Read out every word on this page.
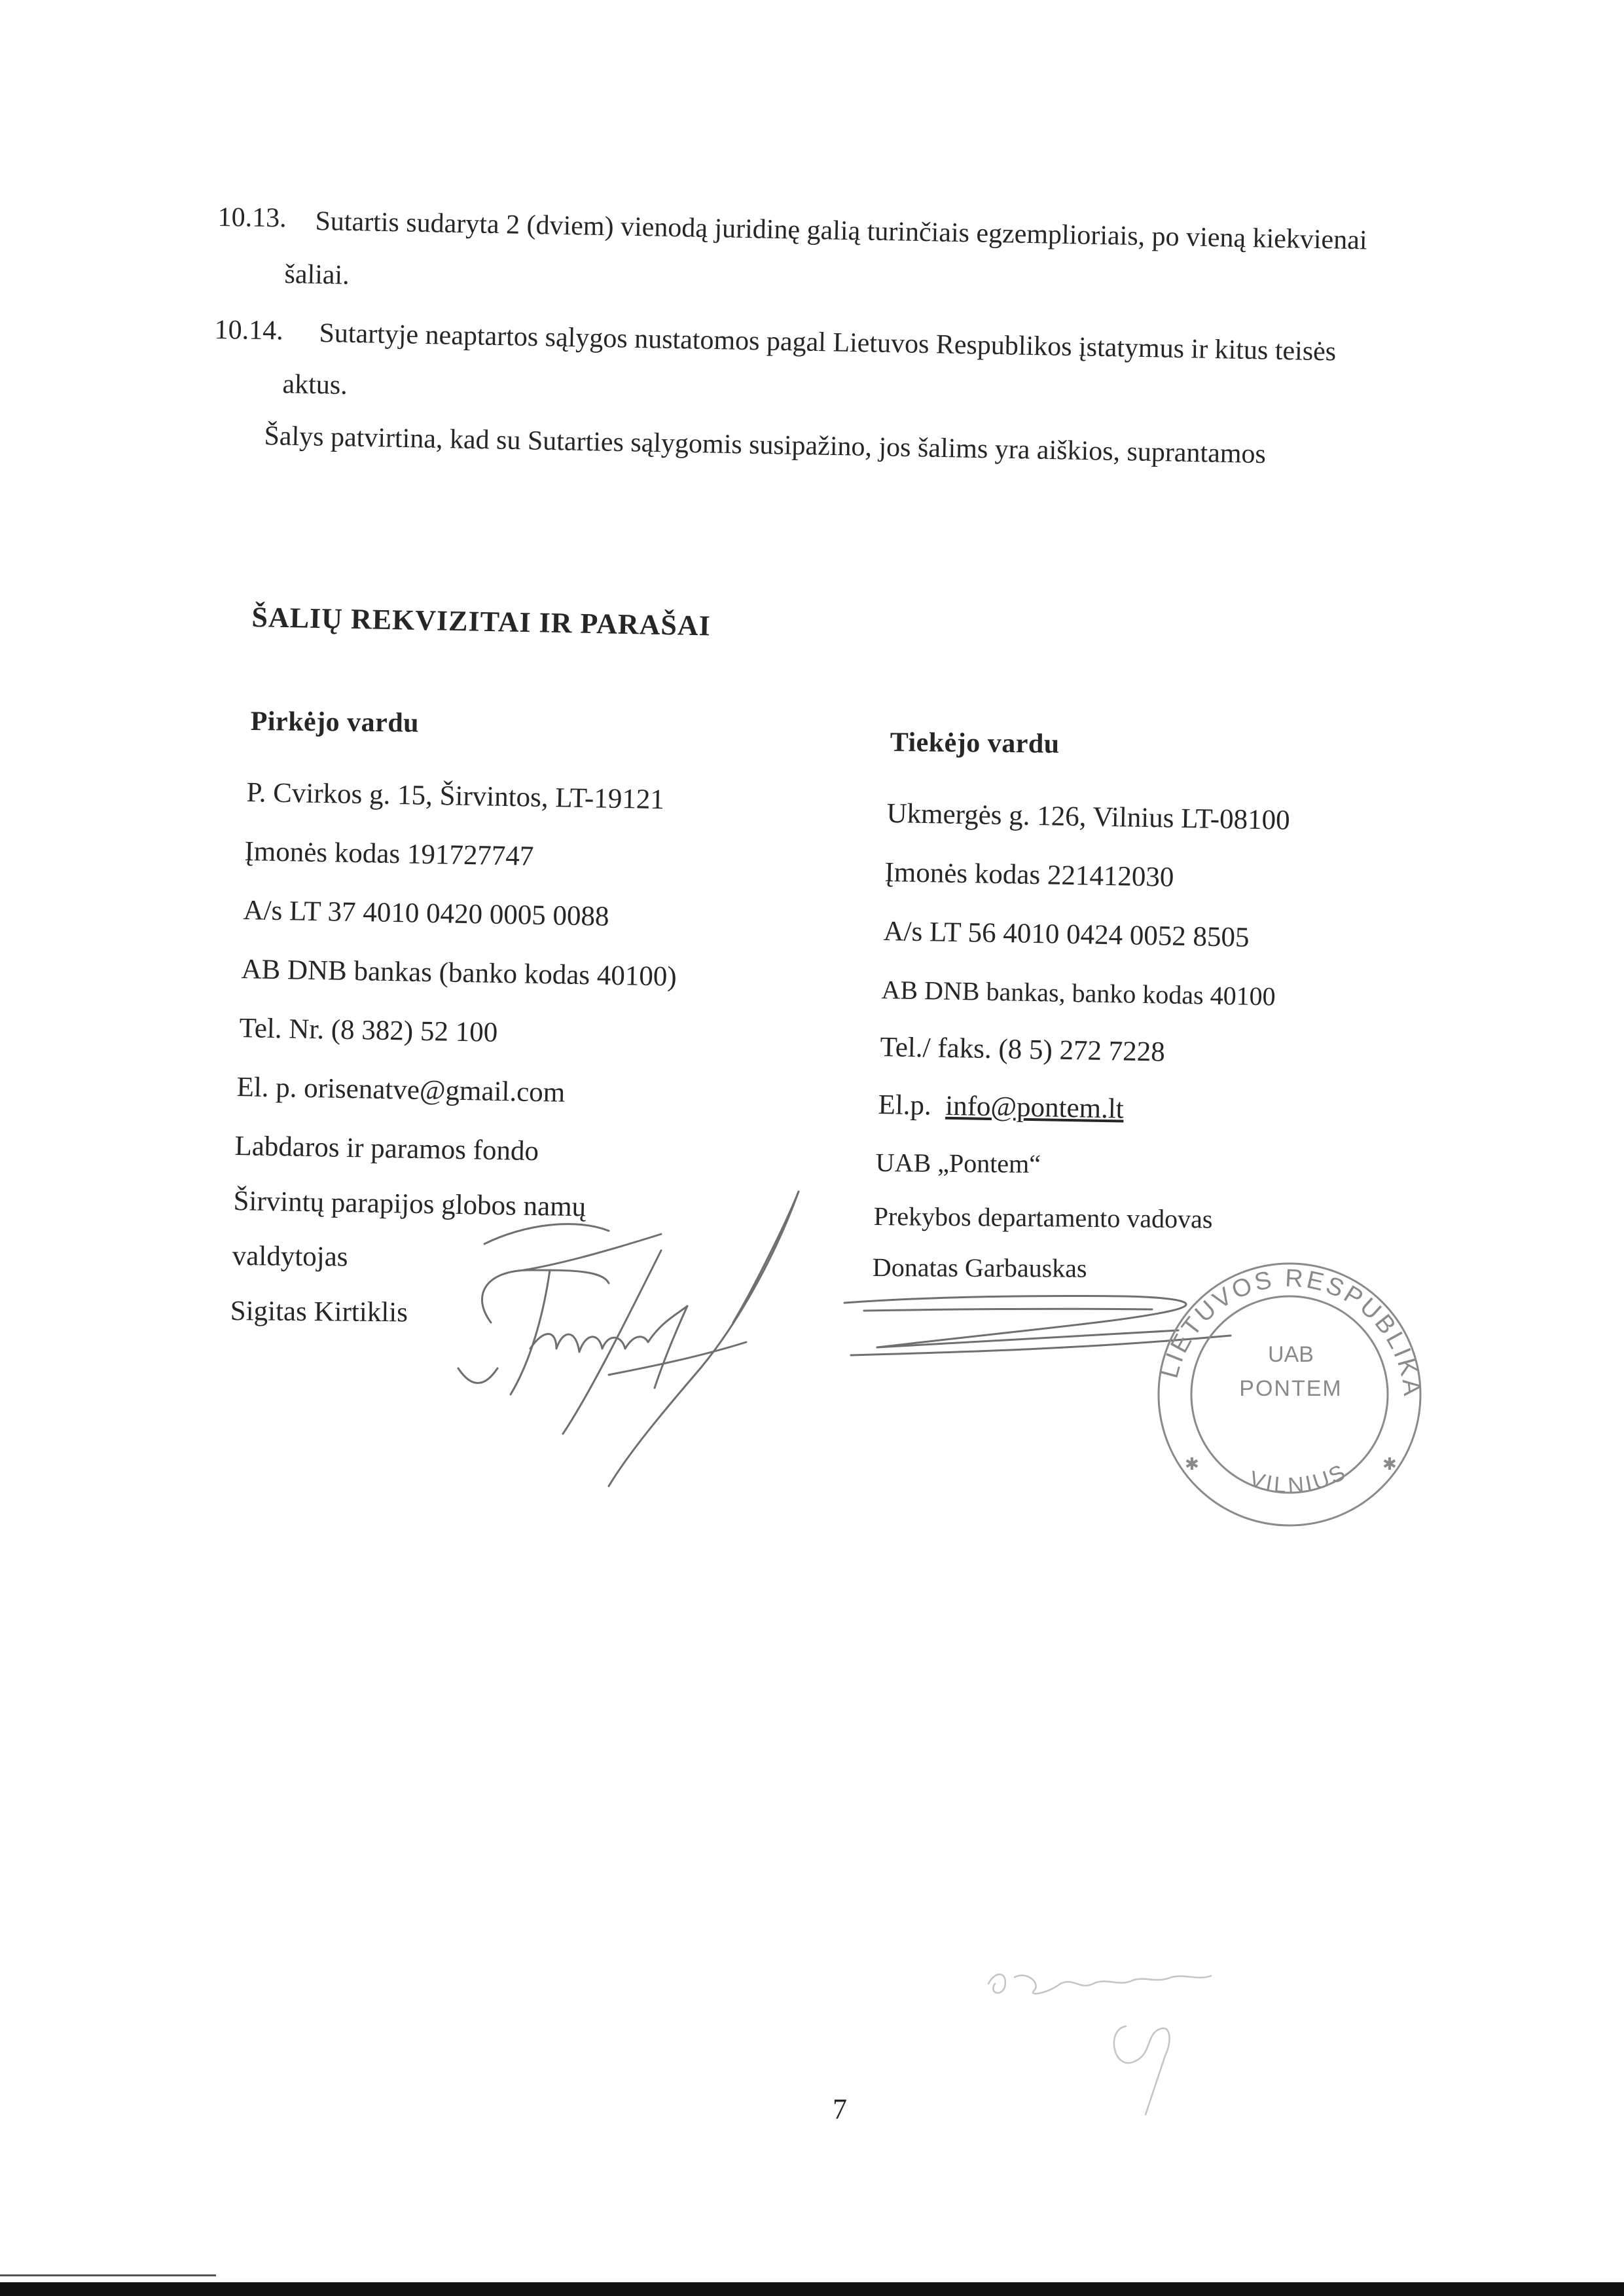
10.13. Sutartis sudaryta 2 (dviem) vienodą juridinę galią turinčiais egzemplioriais, po vieną kiekvienai
šaliai.
10.14. Sutartyje neaptartos sąlygos nustatomos pagal Lietuvos Respublikos įstatymus ir kitus teisės
aktus.
Šalys patvirtina, kad su Sutarties sąlygomis susipažino, jos šalims yra aiškios, suprantamos
ŠALIŲ REKVIZITAI IR PARAŠAI
Pirkėjo vardu
P. Cvirkos g. 15, Širvintos, LT-19121
Įmonės kodas 191727747
A/s LT 37 4010 0420 0005 0088
AB DNB bankas (banko kodas 40100)
Tel. Nr. (8 382) 52 100
El. p. orisenatve@gmail.com
Labdaros ir paramos fondo
Širvintų parapijos globos namų
valdytojas
Sigitas Kirtiklis
Tiekėjo vardu
Ukmergės g. 126, Vilnius LT-08100
Įmonės kodas 221412030
A/s LT 56 4010 0424 0052 8505
AB DNB bankas, banko kodas 40100
Tel./ faks. (8 5) 272 7228
El.p. info@pontem.lt
UAB „Pontem“
Prekybos departamento vadovas
Donatas Garbauskas
LIETUVOS RESPUBLIKA
VILNIUS
UAB
PONTEM
✱	✱
7
